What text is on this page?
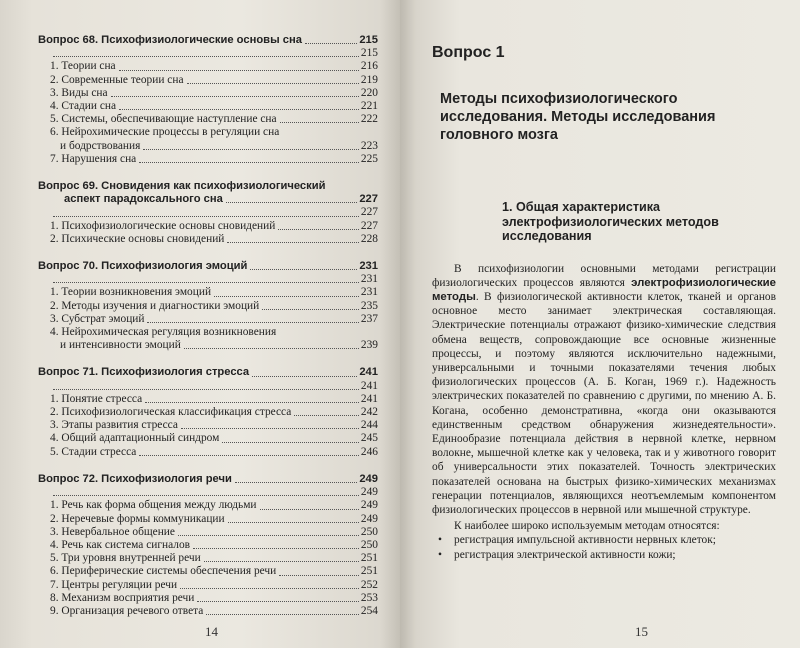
Вопрос 68. Психофизиологические основы сна	215
215
1. Теории сна	216
2. Современные теории сна	219
3. Виды сна	220
4. Стадии сна	221
5. Системы, обеспечивающие наступление сна	222
6. Нейрохимические процессы в регуляции сна
и бодрствования	223
7. Нарушения сна	225
Вопрос 69. Сновидения как психофизиологический
аспект парадоксального сна	227
227
1. Психофизиологические основы сновидений	227
2. Психические основы сновидений	228
Вопрос 70. Психофизиология эмоций	231
231
1. Теории возникновения эмоций	231
2. Методы изучения и диагностики эмоций	235
3. Субстрат эмоций	237
4. Нейрохимическая регуляция возникновения
и интенсивности эмоций	239
Вопрос 71. Психофизиология стресса	241
241
1. Понятие стресса	241
2. Психофизиологическая классификация стресса	242
3. Этапы развития стресса	244
4. Общий адаптационный синдром	245
5. Стадии стресса	246
Вопрос 72. Психофизиология речи	249
249
1. Речь как форма общения между людьми	249
2. Неречевые формы коммуникации	249
3. Невербальное общение	250
4. Речь как система сигналов	250
5. Три уровня внутренней речи	251
6. Периферические системы обеспечения речи	251
7. Центры регуляции речи	252
8. Механизм восприятия речи	253
9. Организация речевого ответа	254
14
Вопрос 1
Методы психофизиологического исследования. Методы исследования головного мозга
1. Общая характеристика электрофизиологических методов исследования

В психофизиологии основными методами регистрации физиологических процессов являются электрофизиологические методы. В физиологической активности клеток, тканей и органов основное место занимает электрическая составляющая. Электрические потенциалы отражают физико-химические следствия обмена веществ, сопровождающие все основные жизненные процессы, и поэтому являются исключительно надежными, универсальными и точными показателями течения любых физиологических процессов (А. Б. Коган, 1969 г.). Надежность электрических показателей по сравнению с другими, по мнению А. Б. Когана, особенно демонстративна, «когда они оказываются единственным средством обнаружения жизнедеятельности». Единообразие потенциала действия в нервной клетке, нервном волокне, мышечной клетке как у человека, так и у животного говорит об универсальности этих показателей. Точность электрических показателей основана на быстрых физико-химических механизмах генерации потенциалов, являющихся неотъемлемым компонентом физиологических процессов в нервной или мышечной структуре.

К наиболее широко используемым методам относятся:

• регистрация импульсной активности нервных клеток;
• регистрация электрической активности кожи;
15
